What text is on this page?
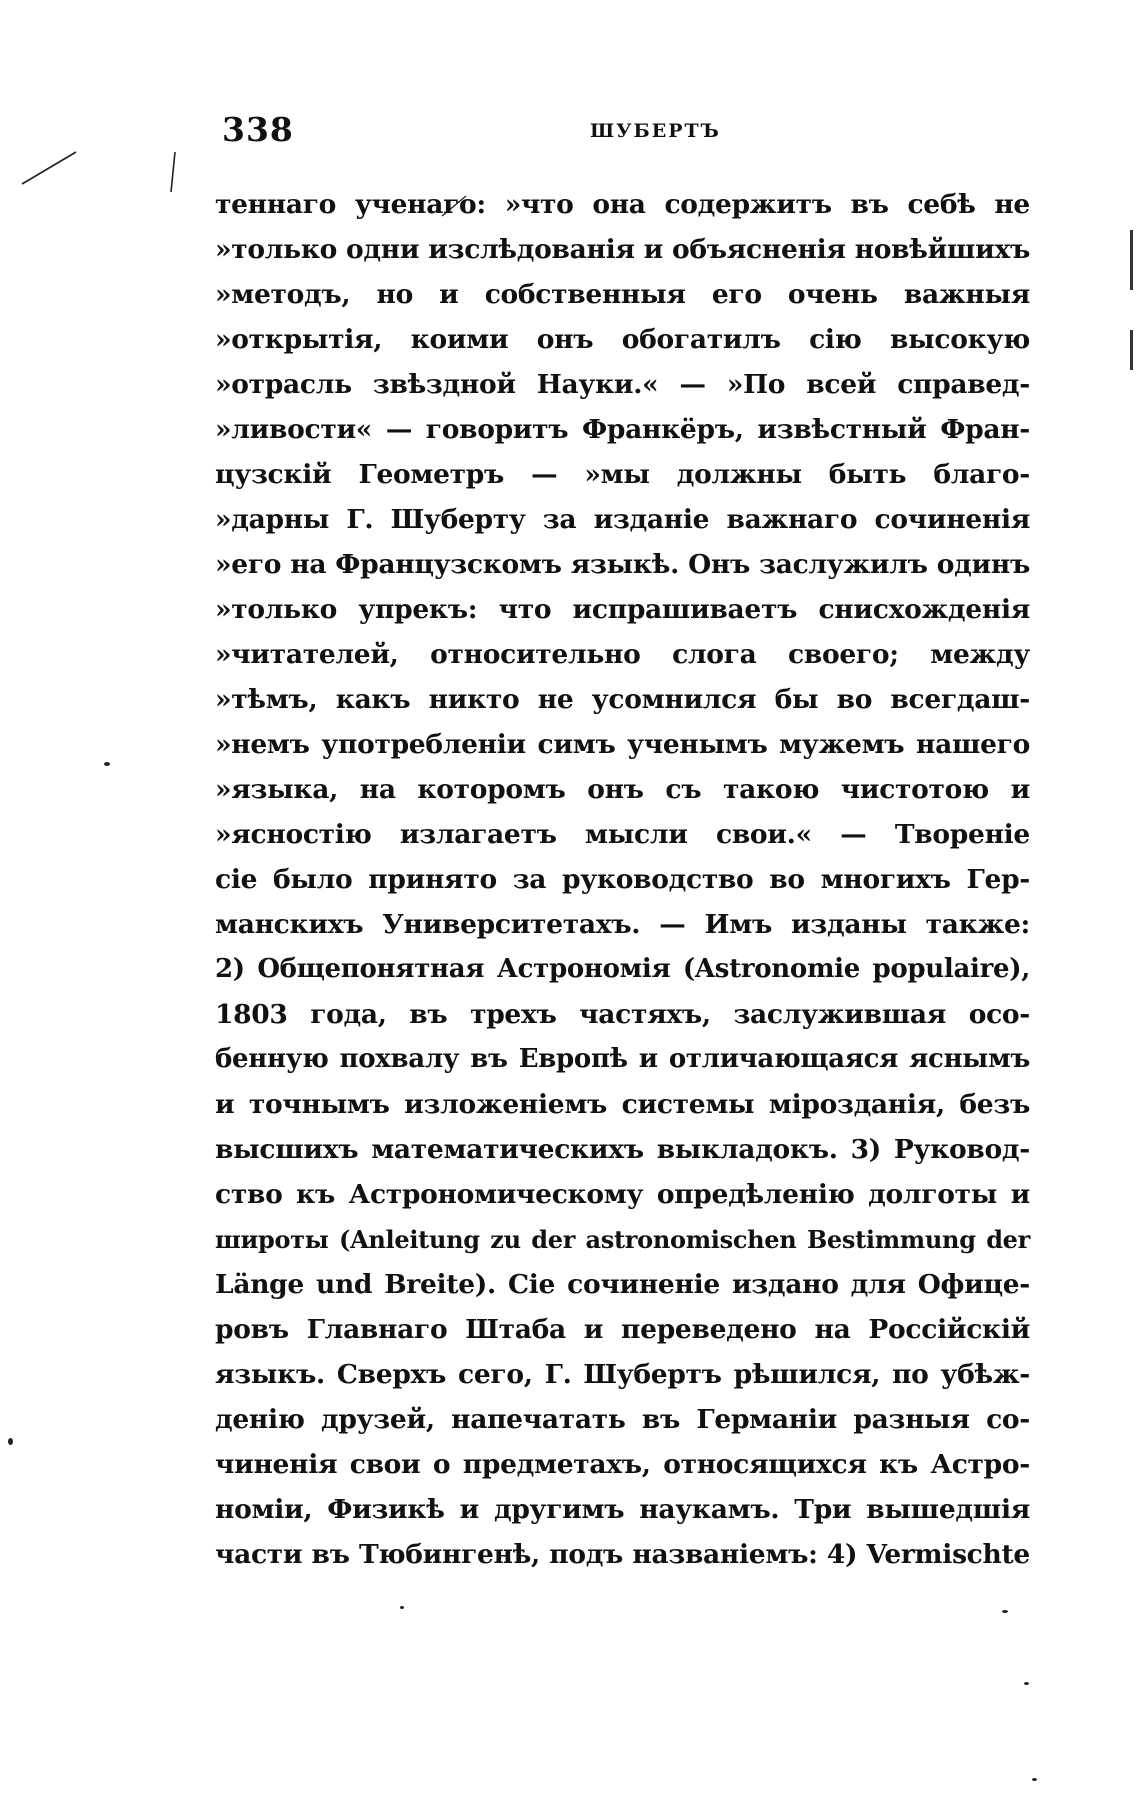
338	ШУБЕРТЪ
теннаго ученаго: »что она содержитъ въ себѣ не
»только одни изслѣдованія и объясненія новѣйшихъ
»методъ, но и собственныя его очень важныя
»открытія, коими онъ обогатилъ сію высокую
»отрасль звѣздной Науки.« — »По всей справед-
»ливости« — говоритъ Франкёръ, извѣстный Фран-
цузскій Геометръ — »мы должны быть благо-
»дарны Г. Шуберту за изданіе важнаго сочиненія
»его на Французскомъ языкѣ. Онъ заслужилъ одинъ
»только упрекъ: что испрашиваетъ снисхожденія
»читателей, относительно слога своего; между
»тѣмъ, какъ никто не усомнился бы во всегдаш-
»немъ употребленіи симъ ученымъ мужемъ нашего
»языка, на которомъ онъ съ такою чистотою и
»ясностію излагаетъ мысли свои.« — Твореніе
сіе было принято за руководство во многихъ Гер-
манскихъ Университетахъ. — Имъ изданы также:
2) Общепонятная Астрономія (Astronomie populaire),
1803 года, въ трехъ частяхъ, заслужившая осо-
бенную похвалу въ Европѣ и отличающаяся яснымъ
и точнымъ изложеніемъ системы мірозданія, безъ
высшихъ математическихъ выкладокъ. 3) Руковод-
ство къ Астрономическому опредѣленію долготы и
широты (Anleitung zu der astronomischen Bestimmung der
Länge und Breite). Сіе сочиненіе издано для Офице-
ровъ Главнаго Штаба и переведено на Россійскій
языкъ. Сверхъ сего, Г. Шубертъ рѣшился, по убѣж-
денію друзей, напечатать въ Германіи разныя со-
чиненія свои о предметахъ, относящихся къ Астро-
номіи, Физикѣ и другимъ наукамъ. Три вышедшія
части въ Тюбингенѣ, подъ названіемъ: 4) Vermischte
